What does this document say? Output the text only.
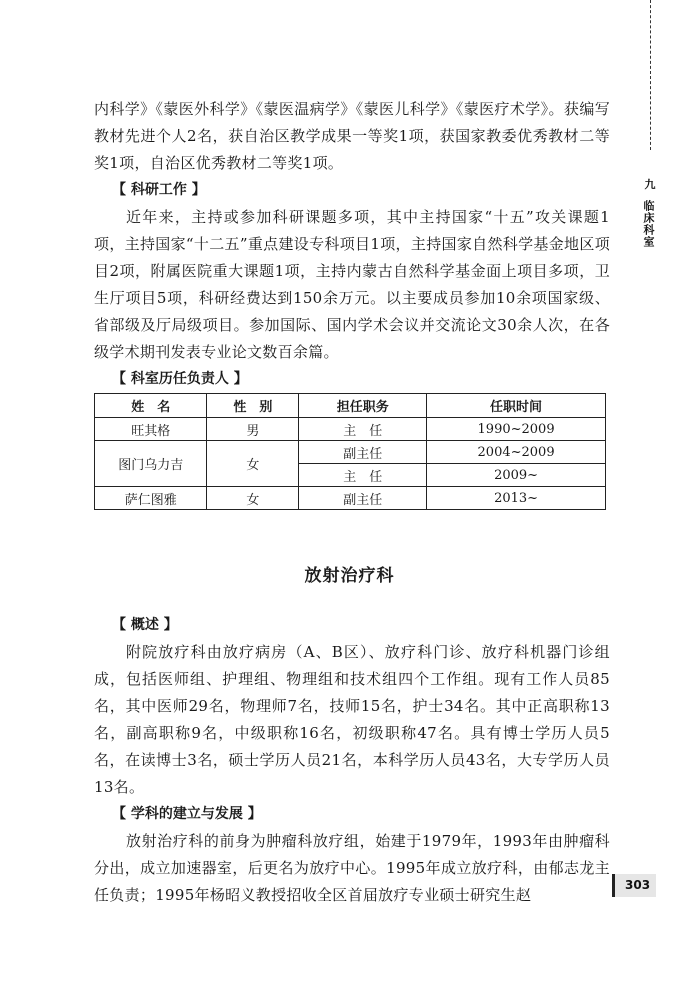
九
临床科室
303

内科学》《蒙医外科学》《蒙医温病学》《蒙医儿科学》《蒙医疗术学》。获编写教材先进个人2名，获自治区教学成果一等奖1项，获国家教委优秀教材二等奖1项，自治区优秀教材二等奖1项。

【 科研工作 】

近年来，主持或参加科研课题多项，其中主持国家“十五”攻关课题1项，主持国家“十二五”重点建设专科项目1项，主持国家自然科学基金地区项目2项，附属医院重大课题1项，主持内蒙古自然科学基金面上项目多项，卫生厅项目5项，科研经费达到150余万元。以主要成员参加10余项国家级、省部级及厅局级项目。参加国际、国内学术会议并交流论文30余人次，在各级学术期刊发表专业论文数百余篇。

【 科室历任负责人 】

姓　名	性　别	担任职务	任职时间
旺其格	男	主　任	1990~2009
图门乌力吉	女	副主任	2004~2009
		主　任	2009~
萨仁图雅	女	副主任	2013~
放射治疗科

【 概述 】

附院放疗科由放疗病房（A、B区）、放疗科门诊、放疗科机器门诊组成，包括医师组、护理组、物理组和技术组四个工作组。现有工作人员85名，其中医师29名，物理师7名，技师15名，护士34名。其中正高职称13名，副高职称9名，中级职称16名，初级职称47名。具有博士学历人员5名，在读博士3名，硕士学历人员21名，本科学历人员43名，大专学历人员13名。

【 学科的建立与发展 】

放射治疗科的前身为肿瘤科放疗组，始建于1979年，1993年由肿瘤科分出，成立加速器室，后更名为放疗中心。1995年成立放疗科，由郁志龙主任负责；1995年杨昭义教授招收全区首届放疗专业硕士研究生赵
